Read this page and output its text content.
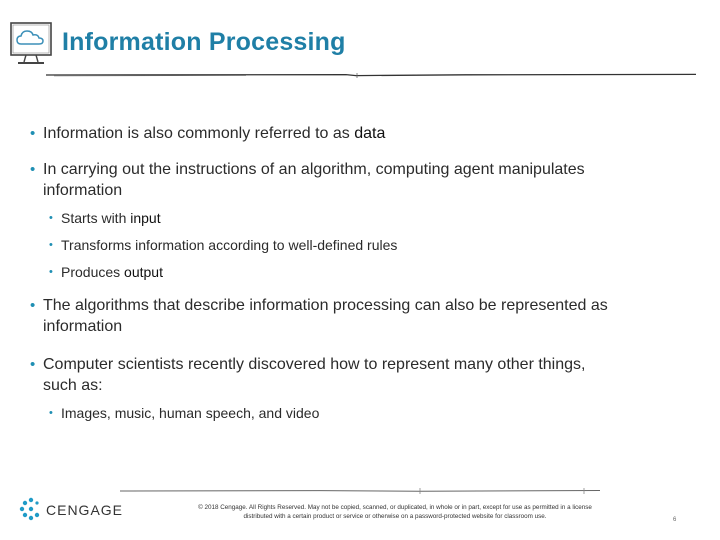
Information Processing
• Information is also commonly referred to as data
• In carrying out the instructions of an algorithm, computing agent manipulates
information
• Starts with input
• Transforms information according to well-defined rules
• Produces output
• The algorithms that describe information processing can also be represented as
information
• Computer scientists recently discovered how to represent many other things,
such as:
• Images, music, human speech, and video
CENGAGE	© 2018 Cengage. All Rights Reserved. May not be copied, scanned, or duplicated, in whole or in part, except for use as permitted in a license
distributed with a certain product or service or otherwise on a password-protected website for classroom use.	6
